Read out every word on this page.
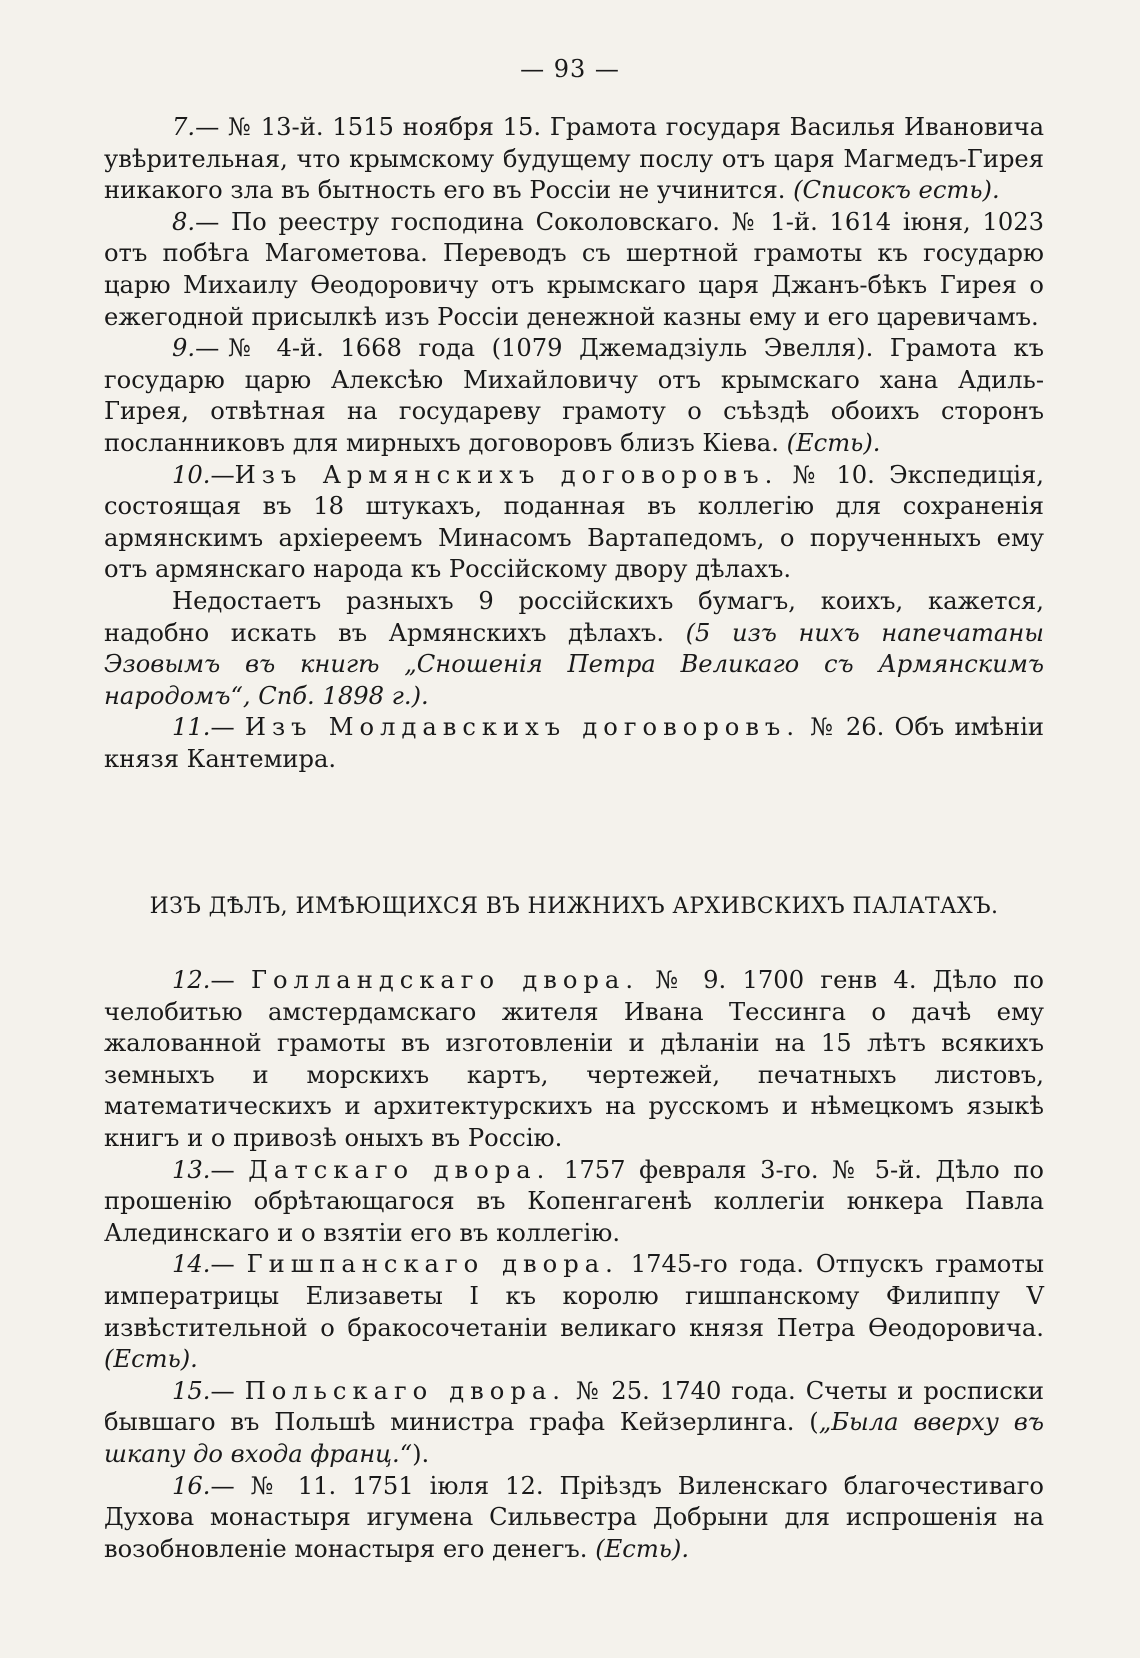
— 93 —

7.— № 13-й. 1515 ноября 15. Грамота государя Василья Ивановича увѣрительная, что крымскому будущему послу отъ царя Магмедъ-Гирея никакого зла въ бытность его въ Россіи не учинится. (Списокъ есть).

8.— По реестру господина Соколовскаго. № 1-й. 1614 іюня, 1023 отъ побѣга Магометова. Переводъ съ шертной грамоты къ государю царю Михаилу Ѳеодоровичу отъ крымскаго царя Джанъ-бѣкъ Гирея о ежегодной присылкѣ изъ Россіи денежной казны ему и его царевичамъ.

9.—№ 4-й. 1668 года (1079 Джемадзіуль Эвелля). Грамота къ государю царю Алексѣю Михайловичу отъ крымскаго хана Адиль-Гирея, отвѣтная на государеву грамоту о съѣздѣ обоихъ сторонъ посланниковъ для мирныхъ договоровъ близъ Кіева. (Есть).

10.—Изъ Армянскихъ договоровъ. № 10. Экспедиція, состоящая въ 18 штукахъ, поданная въ коллегію для сохраненія армянскимъ архіереемъ Минасомъ Вартапедомъ, о порученныхъ ему отъ армянскаго народа къ Россійскому двору дѣлахъ.

Недостаетъ разныхъ 9 россійскихъ бумагъ, коихъ, кажется, надобно искать въ Армянскихъ дѣлахъ. (5 изъ нихъ напечатаны Эзовымъ въ книгѣ „Сношенія Петра Великаго съ Армянскимъ народомъ“, Спб. 1898 г.).

11.— Изъ Молдавскихъ договоровъ. № 26. Объ имѣніи князя Кантемира.

ИЗЪ ДѢЛЪ, ИМѢЮЩИХСЯ ВЪ НИЖНИХЪ АРХИВСКИХЪ ПАЛАТАХЪ.

12.— Голландскаго двора. № 9. 1700 генв 4. Дѣло по челобитью амстердамскаго жителя Ивана Тессинга о дачѣ ему жалованной грамоты въ изготовленіи и дѣланіи на 15 лѣтъ всякихъ земныхъ и морскихъ картъ, чертежей, печатныхъ листовъ, математическихъ и архитектурскихъ на русскомъ и нѣмецкомъ языкѣ книгъ и о привозѣ оныхъ въ Россію.

13.— Датскаго двора. 1757 февраля 3-го. № 5-й. Дѣло по прошенію обрѣтающагося въ Копенгагенѣ коллегіи юнкера Павла Алединскаго и о взятіи его въ коллегію.

14.— Гишпанскаго двора. 1745-го года. Отпускъ грамоты императрицы Елизаветы I къ королю гишпанскому Филиппу V извѣстительной о бракосочетаніи великаго князя Петра Ѳеодоровича. (Есть).

15.— Польскаго двора. № 25. 1740 года. Счеты и росписки бывшаго въ Польшѣ министра графа Кейзерлинга. („Была вверху въ шкапу до входа франц.“).

16.— № 11. 1751 іюля 12. Пріѣздъ Виленскаго благочестиваго Духова монастыря игумена Сильвестра Добрыни для испрошенія на возобновленіе монастыря его денегъ. (Есть).
